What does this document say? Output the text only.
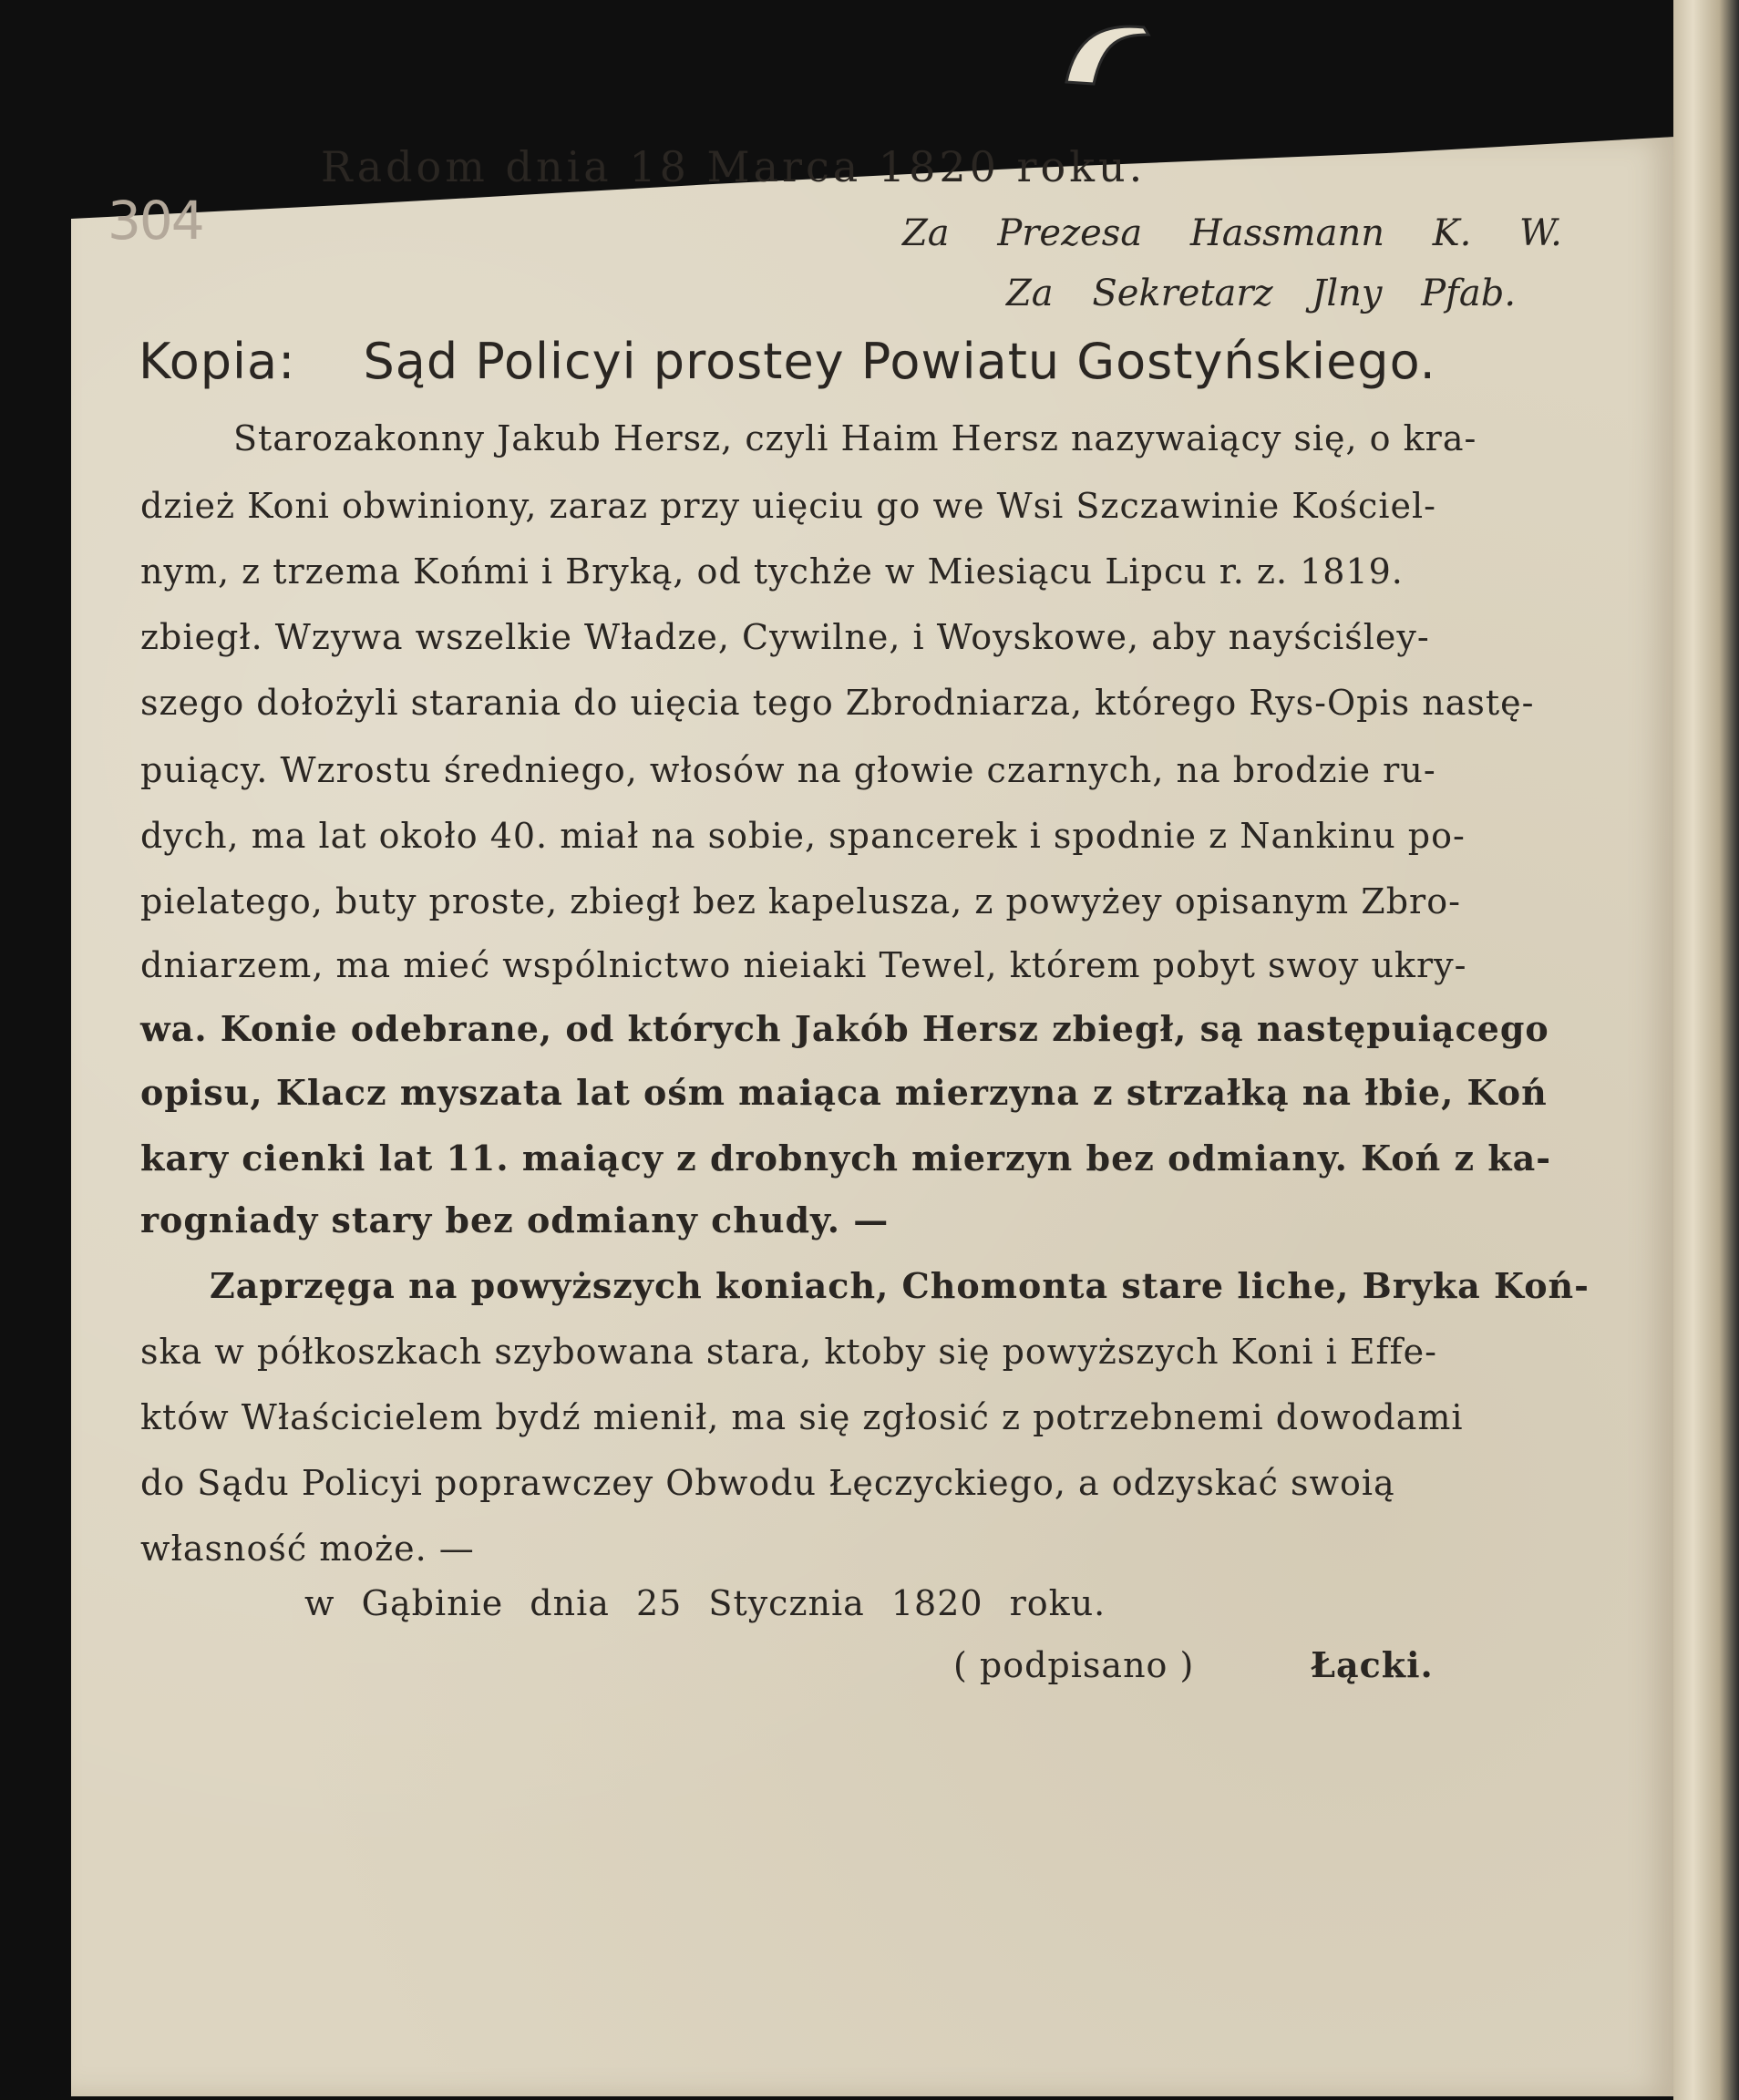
304
Radom dnia 18 Marca 1820 roku.
Za Prezesa Hassmann K. W.
Za Sekretarz Jlny Pfab.
Kopia: Sąd Policyi prostey Powiatu Gostyńskiego.
Starozakonny Jakub Hersz, czyli Haim Hersz nazywaiący się, o kra-
dzież Koni obwiniony, zaraz przy uięciu go we Wsi Szczawinie Kościel-
nym, z trzema Końmi i Bryką, od tychże w Miesiącu Lipcu r. z. 1819.
zbiegł. Wzywa wszelkie Władze, Cywilne, i Woyskowe, aby nayściśley-
szego dołożyli starania do uięcia tego Zbrodniarza, którego Rys-Opis nastę-
puiący. Wzrostu średniego, włosów na głowie czarnych, na brodzie ru-
dych, ma lat około 40. miał na sobie, spancerek i spodnie z Nankinu po-
pielatego, buty proste, zbiegł bez kapelusza, z powyżey opisanym Zbro-
dniarzem, ma mieć wspólnictwo nieiaki Tewel, którem pobyt swoy ukry-
wa. Konie odebrane, od których Jakób Hersz zbiegł, są następuiącego
opisu, Klacz myszata lat ośm maiąca mierzyna z strzałką na łbie, Koń
kary cienki lat 11. maiący z drobnych mierzyn bez odmiany. Koń z ka-
rogniady stary bez odmiany chudy. —
Zaprzęga na powyższych koniach, Chomonta stare liche, Bryka Koń-
ska w półkoszkach szybowana stara, ktoby się powyższych Koni i Effe-
któw Właścicielem bydź mienił, ma się zgłosić z potrzebnemi dowodami
do Sądu Policyi poprawczey Obwodu Łęczyckiego, a odzyskać swoią
własność może. —
w Gąbinie dnia 25 Stycznia 1820 roku.
( podpisano )	Łącki.
